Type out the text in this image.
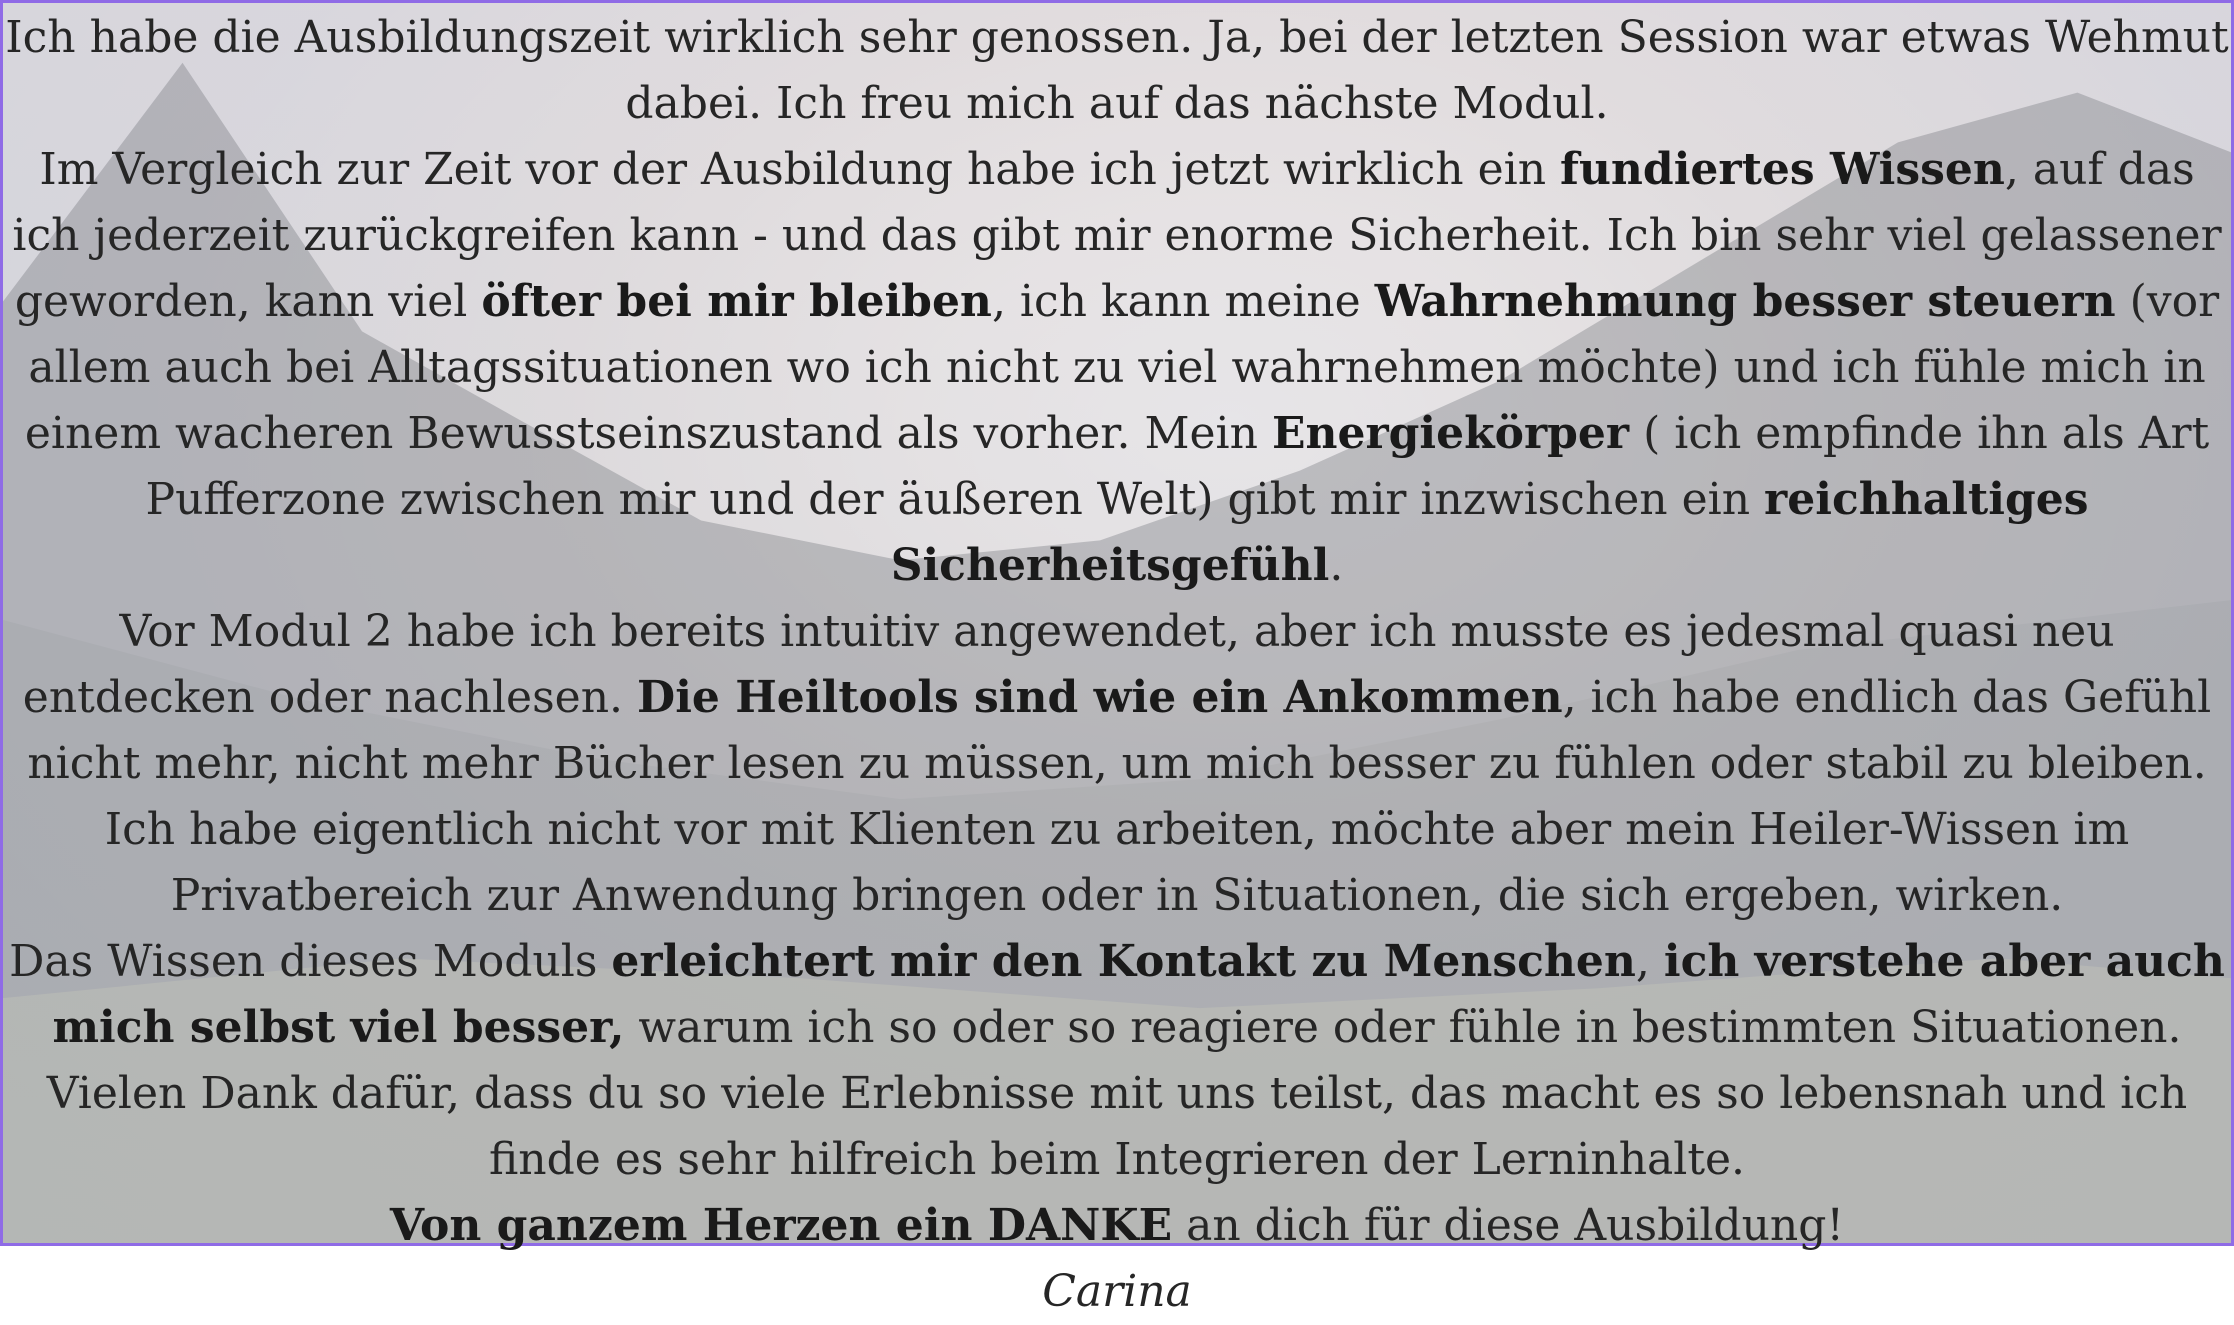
Ich habe die Ausbildungszeit wirklich sehr genossen. Ja, bei der letzten Session war etwas Wehmut dabei. Ich freu mich auf das nächste Modul.

Im Vergleich zur Zeit vor der Ausbildung habe ich jetzt wirklich ein fundiertes Wissen, auf das ich jederzeit zurückgreifen kann - und das gibt mir enorme Sicherheit. Ich bin sehr viel gelassener geworden, kann viel öfter bei mir bleiben, ich kann meine Wahrnehmung besser steuern (vor allem auch bei Alltagssituationen wo ich nicht zu viel wahrnehmen möchte) und ich fühle mich in einem wacheren Bewusstseinszustand als vorher. Mein Energiekörper ( ich empfinde ihn als Art Pufferzone zwischen mir und der äußeren Welt) gibt mir inzwischen ein reichhaltiges Sicherheitsgefühl.

Vor Modul 2 habe ich bereits intuitiv angewendet, aber ich musste es jedesmal quasi neu entdecken oder nachlesen. Die Heiltools sind wie ein Ankommen, ich habe endlich das Gefühl nicht mehr, nicht mehr Bücher lesen zu müssen, um mich besser zu fühlen oder stabil zu bleiben.

Ich habe eigentlich nicht vor mit Klienten zu arbeiten, möchte aber mein Heiler-Wissen im Privatbereich zur Anwendung bringen oder in Situationen, die sich ergeben, wirken.

Das Wissen dieses Moduls erleichtert mir den Kontakt zu Menschen, ich verstehe aber auch mich selbst viel besser, warum ich so oder so reagiere oder fühle in bestimmten Situationen.

Vielen Dank dafür, dass du so viele Erlebnisse mit uns teilst, das macht es so lebensnah und ich finde es sehr hilfreich beim Integrieren der Lerninhalte.

Von ganzem Herzen ein DANKE an dich für diese Ausbildung!

Carina
